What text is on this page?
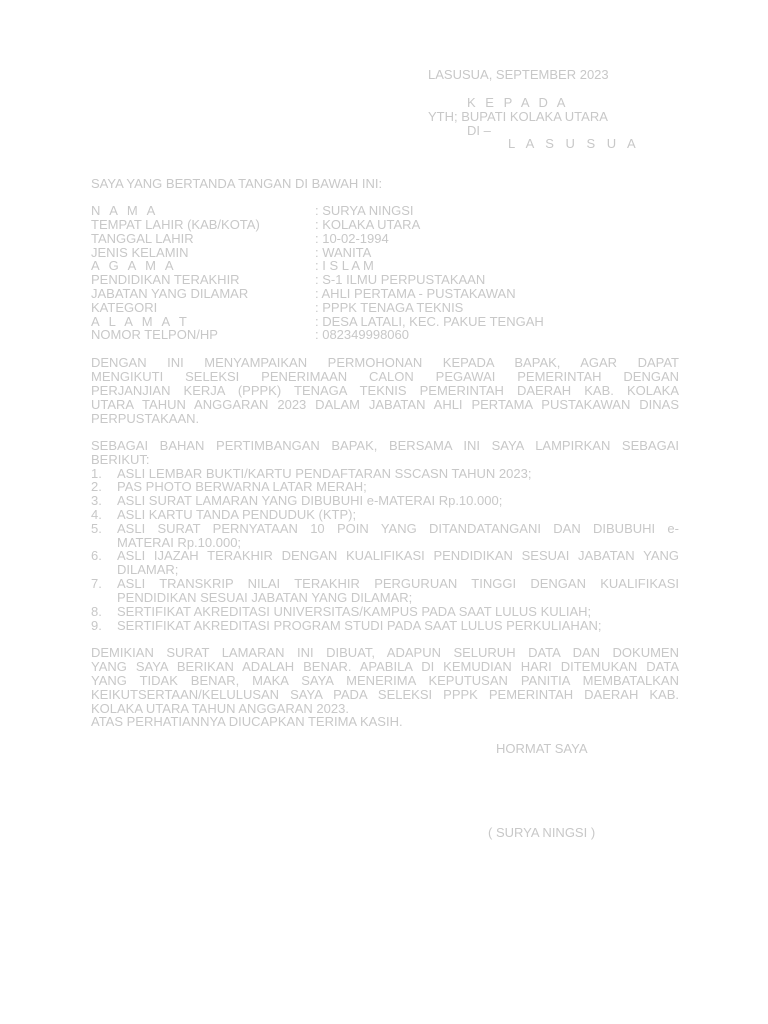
LASUSUA, SEPTEMBER 2023
K E P A D A
YTH; BUPATI KOLAKA UTARA
DI –
L A S U S U A
SAYA YANG BERTANDA TANGAN DI BAWAH INI:
N A M A	: SURYA NINGSI
TEMPAT LAHIR (KAB/KOTA)	: KOLAKA UTARA
TANGGAL LAHIR	: 10-02-1994
JENIS KELAMIN	: WANITA
A G A M A	: I S L A M
PENDIDIKAN TERAKHIR	: S-1 ILMU PERPUSTAKAAN
JABATAN YANG DILAMAR	: AHLI PERTAMA - PUSTAKAWAN
KATEGORI	: PPPK TENAGA TEKNIS
A L A M A T	: DESA LATALI, KEC. PAKUE TENGAH
NOMOR TELPON/HP	: 082349998060
DENGAN INI MENYAMPAIKAN PERMOHONAN KEPADA BAPAK, AGAR DAPAT
MENGIKUTI SELEKSI PENERIMAAN CALON PEGAWAI PEMERINTAH DENGAN
PERJANJIAN KERJA (PPPK) TENAGA TEKNIS PEMERINTAH DAERAH KAB. KOLAKA
UTARA TAHUN ANGGARAN 2023 DALAM JABATAN AHLI PERTAMA PUSTAKAWAN DINAS
PERPUSTAKAAN.
SEBAGAI BAHAN PERTIMBANGAN BAPAK, BERSAMA INI SAYA LAMPIRKAN SEBAGAI
BERIKUT:
1. ASLI LEMBAR BUKTI/KARTU PENDAFTARAN SSCASN TAHUN 2023;
2. PAS PHOTO BERWARNA LATAR MERAH;
3. ASLI SURAT LAMARAN YANG DIBUBUHI e-MATERAI Rp.10.000;
4. ASLI KARTU TANDA PENDUDUK (KTP);
5. ASLI SURAT PERNYATAAN 10 POIN YANG DITANDATANGANI DAN DIBUBUHI e-
MATERAI Rp.10.000;
6. ASLI IJAZAH TERAKHIR DENGAN KUALIFIKASI PENDIDIKAN SESUAI JABATAN YANG
DILAMAR;
7. ASLI TRANSKRIP NILAI TERAKHIR PERGURUAN TINGGI DENGAN KUALIFIKASI
PENDIDIKAN SESUAI JABATAN YANG DILAMAR;
8. SERTIFIKAT AKREDITASI UNIVERSITAS/KAMPUS PADA SAAT LULUS KULIAH;
9. SERTIFIKAT AKREDITASI PROGRAM STUDI PADA SAAT LULUS PERKULIAHAN;
DEMIKIAN SURAT LAMARAN INI DIBUAT, ADAPUN SELURUH DATA DAN DOKUMEN
YANG SAYA BERIKAN ADALAH BENAR. APABILA DI KEMUDIAN HARI DITEMUKAN DATA
YANG TIDAK BENAR, MAKA SAYA MENERIMA KEPUTUSAN PANITIA MEMBATALKAN
KEIKUTSERTAAN/KELULUSAN SAYA PADA SELEKSI PPPK PEMERINTAH DAERAH KAB.
KOLAKA UTARA TAHUN ANGGARAN 2023.
ATAS PERHATIANNYA DIUCAPKAN TERIMA KASIH.
HORMAT SAYA
( SURYA NINGSI )
